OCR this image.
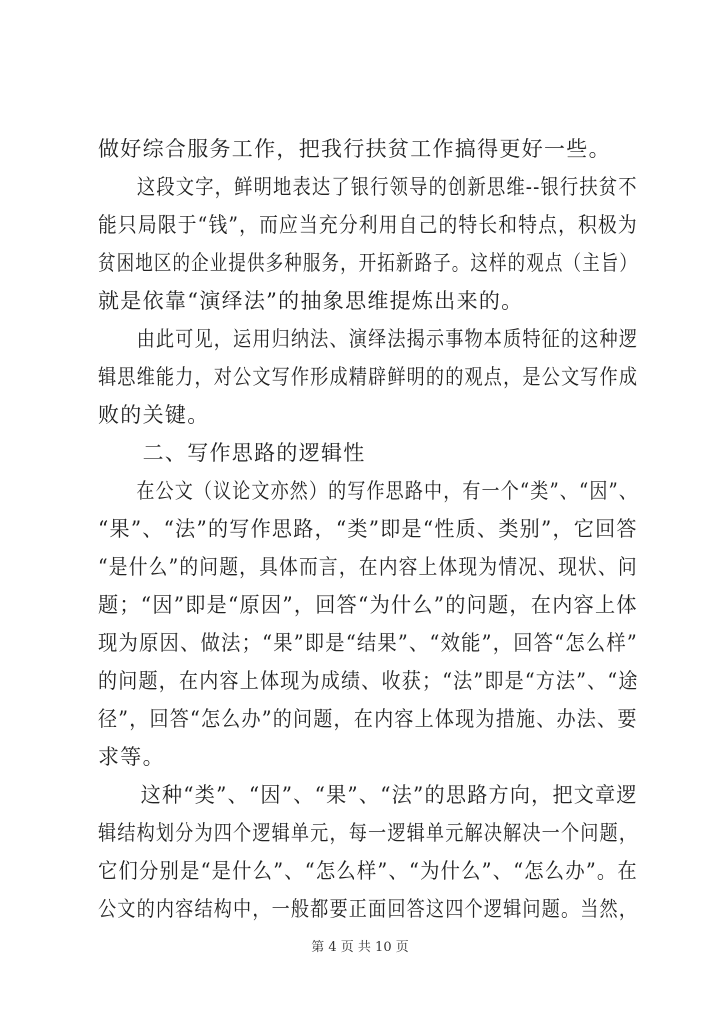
做好综合服务工作，把我行扶贫工作搞得更好一些。
　　这段文字，鲜明地表达了银行领导的创新思维--银行扶贫不
能只局限于“钱”，而应当充分利用自己的特长和特点，积极为
贫困地区的企业提供多种服务，开拓新路子。这样的观点（主旨）
就是依靠“演绎法”的抽象思维提炼出来的。
　　由此可见，运用归纳法、演绎法揭示事物本质特征的这种逻
辑思维能力，对公文写作形成精辟鲜明的的观点，是公文写作成
败的关键。
　　二、写作思路的逻辑性
　　在公文（议论文亦然）的写作思路中，有一个“类”、“因”、
“果”、“法”的写作思路，“类”即是“性质、类别”，它回答
“是什么”的问题，具体而言，在内容上体现为情况、现状、问
题；“因”即是“原因”，回答“为什么”的问题，在内容上体
现为原因、做法；“果”即是“结果”、“效能”，回答“怎么样”
的问题，在内容上体现为成绩、收获；“法”即是“方法”、“途
径”，回答“怎么办”的问题，在内容上体现为措施、办法、要
求等。
　　这种“类”、“因”、“果”、“法”的思路方向，把文章逻
辑结构划分为四个逻辑单元，每一逻辑单元解决解决一个问题，
它们分别是“是什么”、“怎么样”、“为什么”、“怎么办”。在
公文的内容结构中，一般都要正面回答这四个逻辑问题。当然，
第 4 页 共 10 页
